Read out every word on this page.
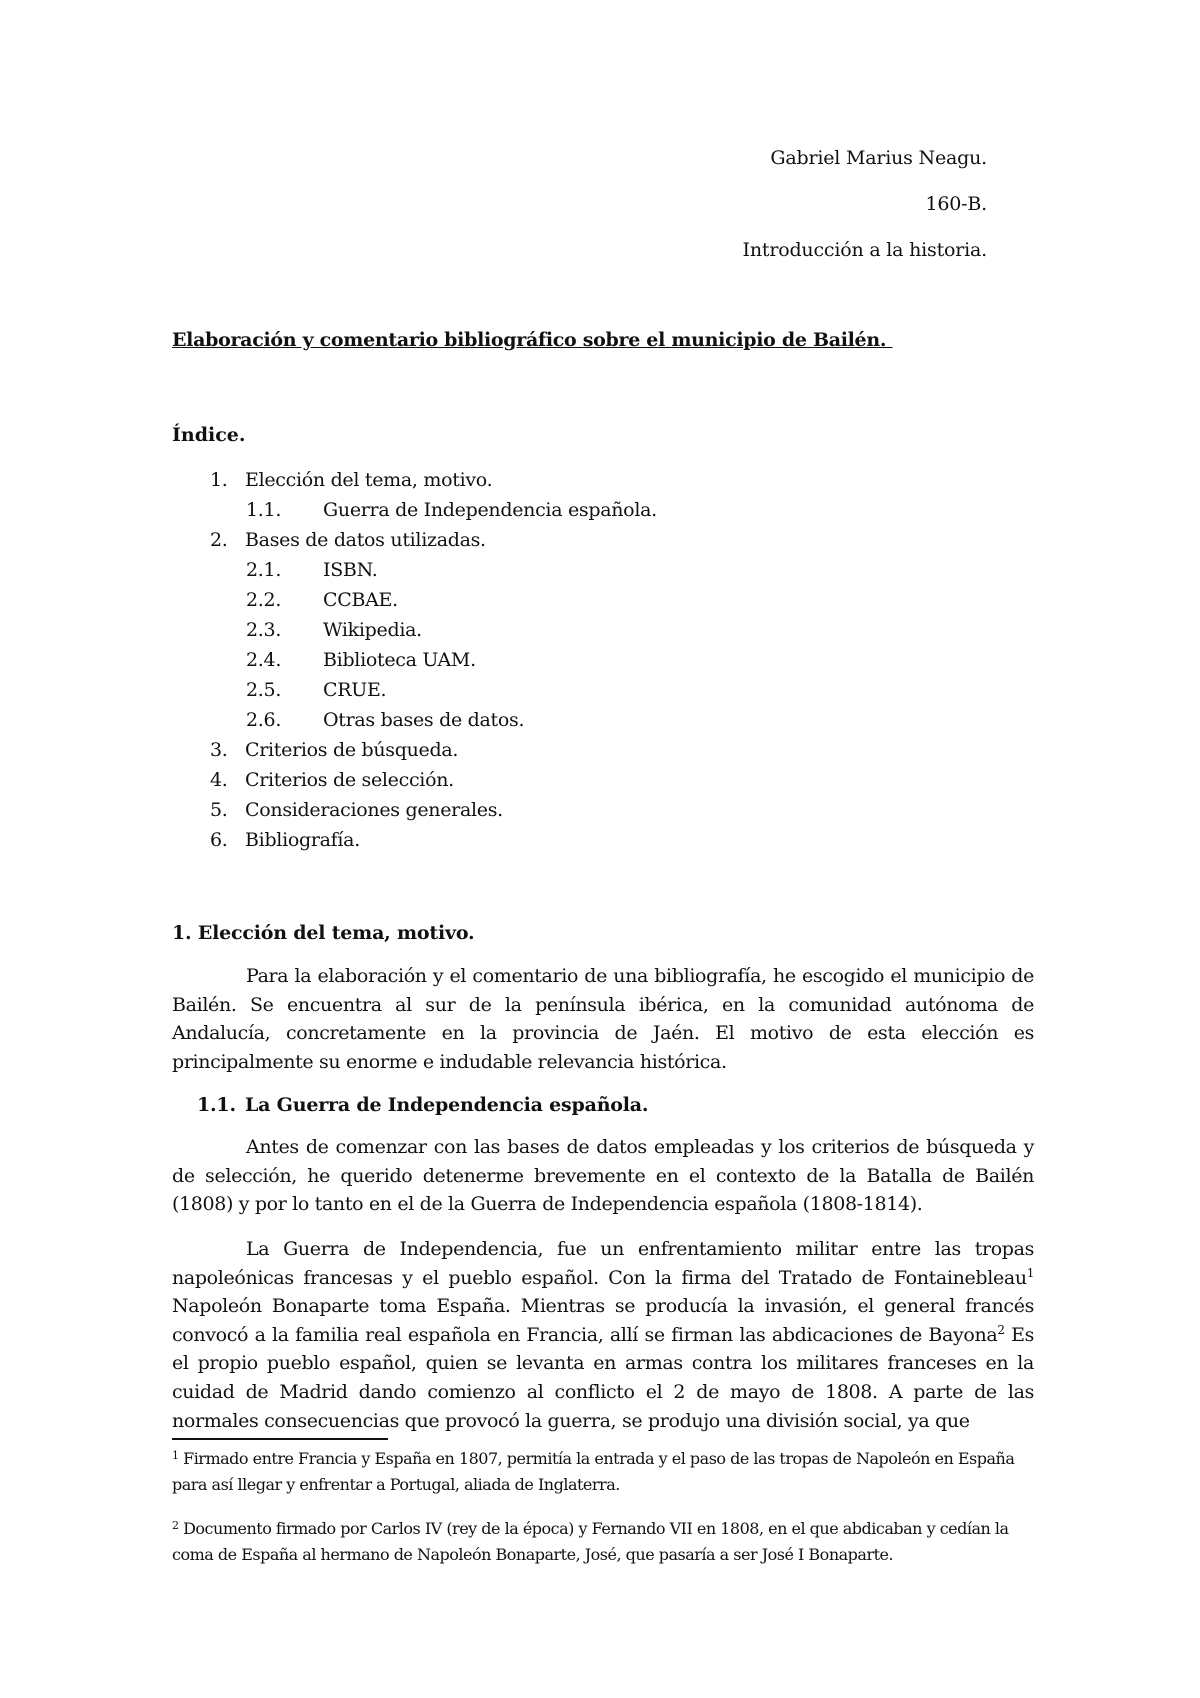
Gabriel Marius Neagu.
160-B.
Introducción a la historia.
Elaboración y comentario bibliográfico sobre el municipio de Bailén.
Índice.
1. Elección del tema, motivo.
1.1. Guerra de Independencia española.
2. Bases de datos utilizadas.
2.1. ISBN.
2.2. CCBAE.
2.3. Wikipedia.
2.4. Biblioteca UAM.
2.5. CRUE.
2.6. Otras bases de datos.
3. Criterios de búsqueda.
4. Criterios de selección.
5. Consideraciones generales.
6. Bibliografía.
1. Elección del tema, motivo.

Para la elaboración y el comentario de una bibliografía, he escogido el municipio de Bailén. Se encuentra al sur de la península ibérica, en la comunidad autónoma de Andalucía, concretamente en la provincia de Jaén. El motivo de esta elección es principalmente su enorme e indudable relevancia histórica.

1.1. La Guerra de Independencia española.

Antes de comenzar con las bases de datos empleadas y los criterios de búsqueda y de selección, he querido detenerme brevemente en el contexto de la Batalla de Bailén (1808) y por lo tanto en el de la Guerra de Independencia española (1808-1814).

La Guerra de Independencia, fue un enfrentamiento militar entre las tropas napoleónicas francesas y el pueblo español. Con la firma del Tratado de Fontainebleau$^1$ Napoleón Bonaparte toma España. Mientras se producía la invasión, el general francés convocó a la familia real española en Francia, allí se firman las abdicaciones de Bayona$^2$ Es el propio pueblo español, quien se levanta en armas contra los militares franceses en la cuidad de Madrid dando comienzo al conflicto el 2 de mayo de 1808. A parte de las normales consecuencias que provocó la guerra, se produjo una división social, ya que

$^1$ Firmado entre Francia y España en 1807, permitía la entrada y el paso de las tropas de Napoleón en España para así llegar y enfrentar a Portugal, aliada de Inglaterra.

$^2$ Documento firmado por Carlos IV (rey de la época) y Fernando VII en 1808, en el que abdicaban y cedían la coma de España al hermano de Napoleón Bonaparte, José, que pasaría a ser José I Bonaparte.
